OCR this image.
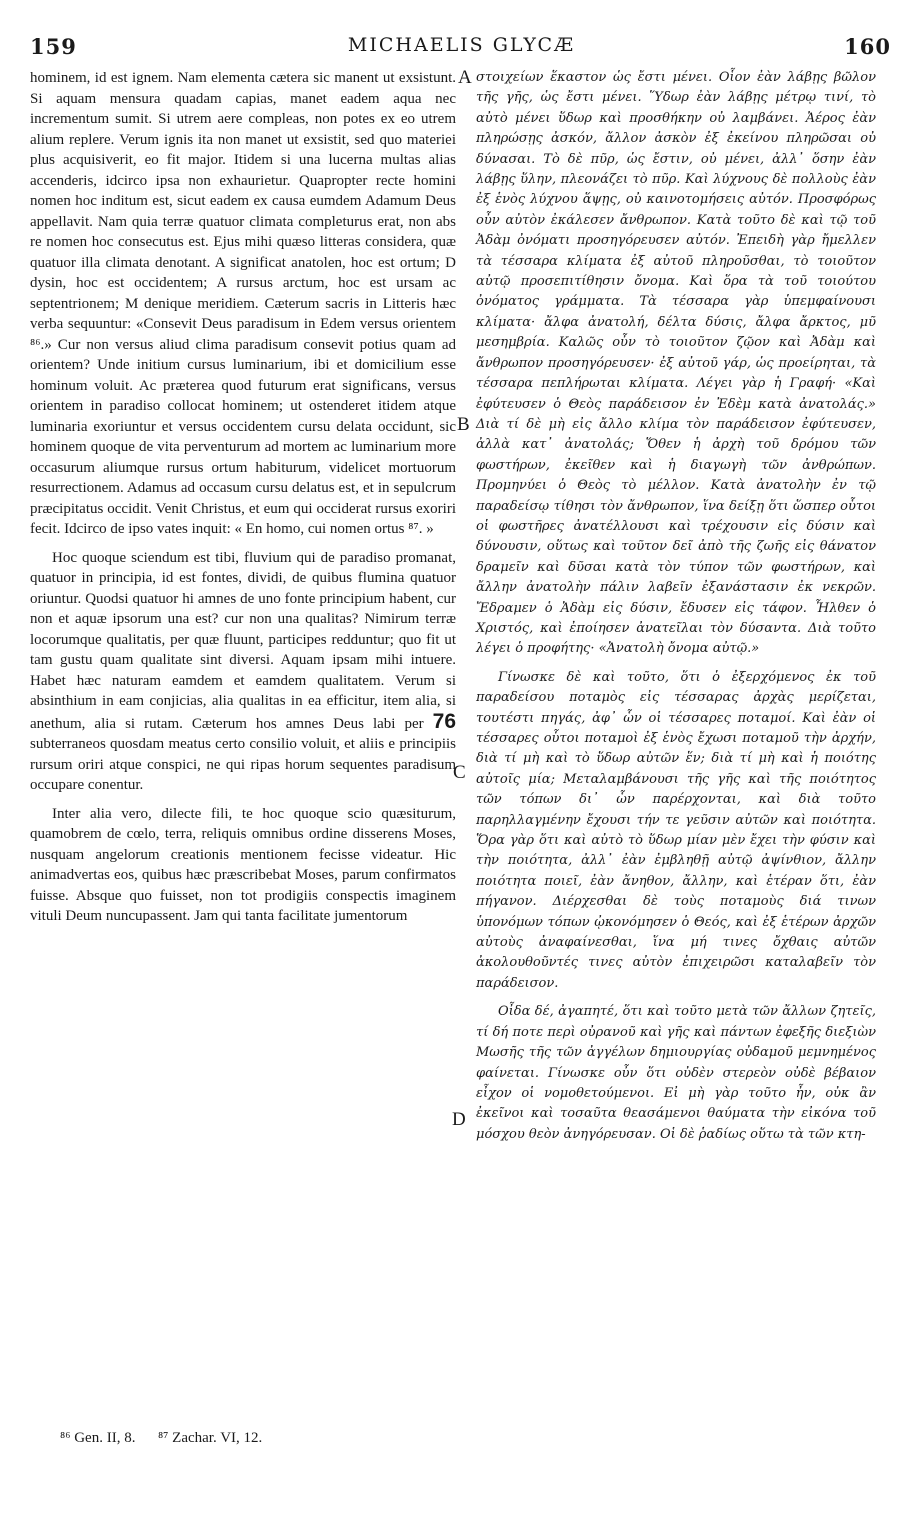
159	MICHAELIS GLYCÆ	160

hominem, id est ignem. Nam elementa cætera sic manent ut exsistunt. Si aquam mensura quadam capias, manet eadem aqua nec incrementum sumit. Si utrem aere compleas, non potes ex eo utrem alium replere. Verum ignis ita non manet ut exsistit, sed quo materiei plus acquisiverit, eo fit major. Itidem si una lucerna multas alias accenderis, idcirco ipsa non exhaurietur. Quapropter recte homini nomen hoc inditum est, sicut eadem ex causa eumdem Adamum Deus appellavit. Nam quia terræ quatuor climata completurus erat, non abs re nomen hoc consecutus est. Ejus mihi quæso litteras considera, quæ quatuor illa climata denotant. A significat anatolen, hoc est ortum; D dysin, hoc est occidentem; A rursus arctum, hoc est ursam ac septentrionem; M denique meridiem. Cæterum sacris in Litteris hæc verba sequuntur: «Consevit Deus paradisum in Edem versus orientem ⁸⁶.» Cur non versus aliud clima paradisum consevit potius quam ad orientem? Unde initium cursus luminarium, ibi et domicilium esse hominum voluit. Ac præterea quod futurum erat significans, versus orientem in paradiso collocat hominem; ut ostenderet itidem atque luminaria exoriuntur et versus occidentem cursu delata occidunt, sic hominem quoque de vita perventurum ad mortem ac luminarium more occasurum aliumque rursus ortum habiturum, videlicet mortuorum resurrectionem. Adamus ad occasum cursu delatus est, et in sepulcrum præcipitatus occidit. Venit Christus, et eum qui occiderat rursus exoriri fecit. Idcirco de ipso vates inquit: « En homo, cui nomen ortus ⁸⁷. »

Hoc quoque sciendum est tibi, fluvium qui de paradiso promanat, quatuor in principia, id est fontes, dividi, de quibus flumina quatuor oriuntur. Quodsi quatuor hi amnes de uno fonte principium habent, cur non et aquæ ipsorum una est? cur non una qualitas? Nimirum terræ locorumque qualitatis, per quæ fluunt, participes redduntur; quo fit ut tam gustu quam qualitate sint diversi. Aquam ipsam mihi intuere. Habet hæc naturam eamdem et eamdem qualitatem. Verum si absinthium in eam conjicias, alia qualitas in ea efficitur, item alia, si anethum, alia si rutam. Cæterum hos amnes Deus labi per 76 subterraneos quosdam meatus certo consilio voluit, et aliis e principiis rursum oriri atque conspici, ne qui ripas horum sequentes paradisum occupare conentur.

Inter alia vero, dilecte fili, te hoc quoque scio quæsiturum, quamobrem de cœlo, terra, reliquis omnibus ordine disserens Moses, nusquam angelorum creationis mentionem fecisse videatur. Hic animadvertas eos, quibus hæc præscribebat Moses, parum confirmatos fuisse. Absque quo fuisset, non tot prodigiis conspectis imaginem vituli Deum nuncupassent. Jam qui tanta facilitate jumentorum

στοιχείων ἕκαστον ὡς ἔστι μένει. Οἷον ἐὰν λάβῃς βῶλον τῆς γῆς, ὡς ἔστι μένει. Ὕδωρ ἐὰν λάβῃς μέτρῳ τινί, τὸ αὐτὸ μένει ὕδωρ καὶ προσθήκην οὐ λαμβάνει. Ἀέρος ἐὰν πληρώσῃς ἀσκόν, ἄλλον ἀσκὸν ἐξ ἐκείνου πληρῶσαι οὐ δύνασαι. Τὸ δὲ πῦρ, ὡς ἔστιν, οὐ μένει, ἀλλ᾽ ὅσην ἐὰν λάβῃς ὕλην, πλεονάζει τὸ πῦρ. Καὶ λύχνους δὲ πολλοὺς ἐὰν ἐξ ἑνὸς λύχνου ἅψῃς, οὐ καινοτομήσεις αὐτόν. Προσφόρως οὖν αὐτὸν ἐκάλεσεν ἄνθρωπον. Κατὰ τοῦτο δὲ καὶ τῷ τοῦ Ἀδὰμ ὀνόματι προσηγόρευσεν αὐτόν. Ἐπειδὴ γὰρ ἤμελλεν τὰ τέσσαρα κλίματα ἐξ αὐτοῦ πληροῦσθαι, τὸ τοιοῦτον αὐτῷ προσεπιτίθησιν ὄνομα. Καὶ ὅρα τὰ τοῦ τοιούτου ὀνόματος γράμματα. Τὰ τέσσαρα γὰρ ὑπεμφαίνουσι κλίματα· ἄλφα ἀνατολή, δέλτα δύσις, ἄλφα ἄρκτος, μῦ μεσημβρία. Καλῶς οὖν τὸ τοιοῦτον ζῷον καὶ Ἀδὰμ καὶ ἄνθρωπον προσηγόρευσεν· ἐξ αὐτοῦ γάρ, ὡς προείρηται, τὰ τέσσαρα πεπλήρωται κλίματα. Λέγει γὰρ ἡ Γραφή· «Καὶ ἐφύτευσεν ὁ Θεὸς παράδεισον ἐν Ἐδὲμ κατὰ ἀνατολάς.» Διὰ τί δὲ μὴ εἰς ἄλλο κλίμα τὸν παράδεισον ἐφύτευσεν, ἀλλὰ κατ᾽ ἀνατολάς; Ὅθεν ἡ ἀρχὴ τοῦ δρόμου τῶν φωστήρων, ἐκεῖθεν καὶ ἡ διαγωγὴ τῶν ἀνθρώπων. Προμηνύει ὁ Θεὸς τὸ μέλλον. Κατὰ ἀνατολὴν ἐν τῷ παραδείσῳ τίθησι τὸν ἄνθρωπον, ἵνα δείξῃ ὅτι ὥσπερ οὗτοι οἱ φωστῆρες ἀνατέλλουσι καὶ τρέχουσιν εἰς δύσιν καὶ δύνουσιν, οὕτως καὶ τοῦτον δεῖ ἀπὸ τῆς ζωῆς εἰς θάνατον δραμεῖν καὶ δῦσαι κατὰ τὸν τύπον τῶν φωστήρων, καὶ ἄλλην ἀνατολὴν πάλιν λαβεῖν ἐξανάστασιν ἐκ νεκρῶν. Ἔδραμεν ὁ Ἀδὰμ εἰς δύσιν, ἔδυσεν εἰς τάφον. Ἦλθεν ὁ Χριστός, καὶ ἐποίησεν ἀνατεῖλαι τὸν δύσαντα. Διὰ τοῦτο λέγει ὁ προφήτης· «Ἀνατολὴ ὄνομα αὐτῷ.»

Γίνωσκε δὲ καὶ τοῦτο, ὅτι ὁ ἐξερχόμενος ἐκ τοῦ παραδείσου ποταμὸς εἰς τέσσαρας ἀρχὰς μερίζεται, τουτέστι πηγάς, ἀφ᾽ ὧν οἱ τέσσαρες ποταμοί. Καὶ ἐὰν οἱ τέσσαρες οὗτοι ποταμοὶ ἐξ ἑνὸς ἔχωσι ποταμοῦ τὴν ἀρχήν, διὰ τί μὴ καὶ τὸ ὕδωρ αὐτῶν ἕν; διὰ τί μὴ καὶ ἡ ποιότης αὐτοῖς μία; Μεταλαμβάνουσι τῆς γῆς καὶ τῆς ποιότητος τῶν τόπων δι᾽ ὧν παρέρχονται, καὶ διὰ τοῦτο παρηλλαγμένην ἔχουσι τήν τε γεῦσιν αὐτῶν καὶ ποιότητα. Ὅρα γὰρ ὅτι καὶ αὐτὸ τὸ ὕδωρ μίαν μὲν ἔχει τὴν φύσιν καὶ τὴν ποιότητα, ἀλλ᾽ ἐὰν ἐμβληθῇ αὐτῷ ἀψίνθιον, ἄλλην ποιότητα ποιεῖ, ἐὰν ἄνηθον, ἄλλην, καὶ ἑτέραν ὅτι, ἐὰν πήγανον. Διέρχεσθαι δὲ τοὺς ποταμοὺς διά τινων ὑπονόμων τόπων ᾠκονόμησεν ὁ Θεός, καὶ ἐξ ἑτέρων ἀρχῶν αὐτοὺς ἀναφαίνεσθαι, ἵνα μή τινες ὄχθαις αὐτῶν ἀκολουθοῦντές τινες αὐτὸν ἐπιχειρῶσι καταλαβεῖν τὸν παράδεισον.

Οἶδα δέ, ἀγαπητέ, ὅτι καὶ τοῦτο μετὰ τῶν ἄλλων ζητεῖς, τί δή ποτε περὶ οὐρανοῦ καὶ γῆς καὶ πάντων ἐφεξῆς διεξιὼν Μωσῆς τῆς τῶν ἀγγέλων δημιουργίας οὐδαμοῦ μεμνημένος φαίνεται. Γίνωσκε οὖν ὅτι οὐδὲν στερεὸν οὐδὲ βέβαιον εἶχον οἱ νομοθετούμενοι. Εἰ μὴ γὰρ τοῦτο ἦν, οὐκ ἂν ἐκεῖνοι καὶ τοσαῦτα θεασάμενοι θαύματα τὴν εἰκόνα τοῦ μόσχου θεὸν ἀνηγόρευσαν. Οἱ δὲ ῥαδίως οὕτω τὰ τῶν κτη-

A
B
C
D
⁸⁶ Gen. II, 8. ⁸⁷ Zachar. VI, 12.
